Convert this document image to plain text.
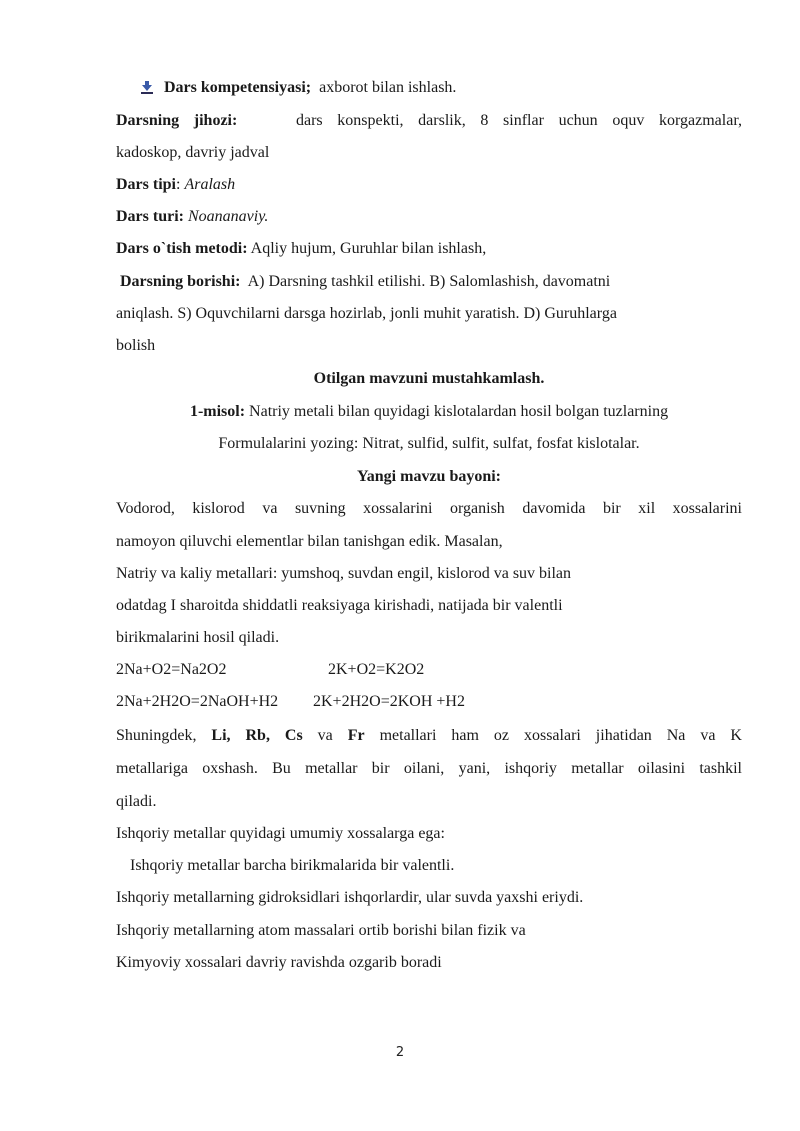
Dars kompetensiyasi; axborot bilan ishlash.
Darsning jihozi:	dars konspekti, darslik, 8 sinflar uchun oquv korgazmalar,
kadoskop, davriy jadval
Dars tipi: Aralash
Dars turi: Noananaviy.
Dars o`tish metodi: Aqliy hujum, Guruhlar bilan ishlash,
Darsning borishi: A) Darsning tashkil etilishi. B) Salomlashish, davomatni
aniqlash. S) Oquvchilarni darsga hozirlab, jonli muhit yaratish. D) Guruhlarga
bolish
Otilgan mavzuni mustahkamlash.
1-misol: Natriy metali bilan quyidagi kislotalardan hosil bolgan tuzlarning
Formulalarini yozing: Nitrat, sulfid, sulfit, sulfat, fosfat kislotalar.
Yangi mavzu bayoni:
Vodorod, kislorod va suvning xossalarini organish davomida bir xil xossalarini
namoyon qiluvchi elementlar bilan tanishgan edik. Masalan,
Natriy va kaliy metallari: yumshoq, suvdan engil, kislorod va suv bilan
odatdag I sharoitda shiddatli reaksiyaga kirishadi, natijada bir valentli
birikmalarini hosil qiladi.
2Na+O2=Na2O2	2K+O2=K2O2
2Na+2H2O=2NaOH+H2 2K+2H2O=2KOH +H2
Shuningdek, Li, Rb, Cs va Fr metallari ham oz xossalari jihatidan Na va K
metallariga oxshash. Bu metallar bir oilani, yani, ishqoriy metallar oilasini tashkil
qiladi.
Ishqoriy metallar quyidagi umumiy xossalarga ega:
Ishqoriy metallar barcha birikmalarida bir valentli.
Ishqoriy metallarning gidroksidlari ishqorlardir, ular suvda yaxshi eriydi.
Ishqoriy metallarning atom massalari ortib borishi bilan fizik va
Kimyoviy xossalari davriy ravishda ozgarib boradi
2
